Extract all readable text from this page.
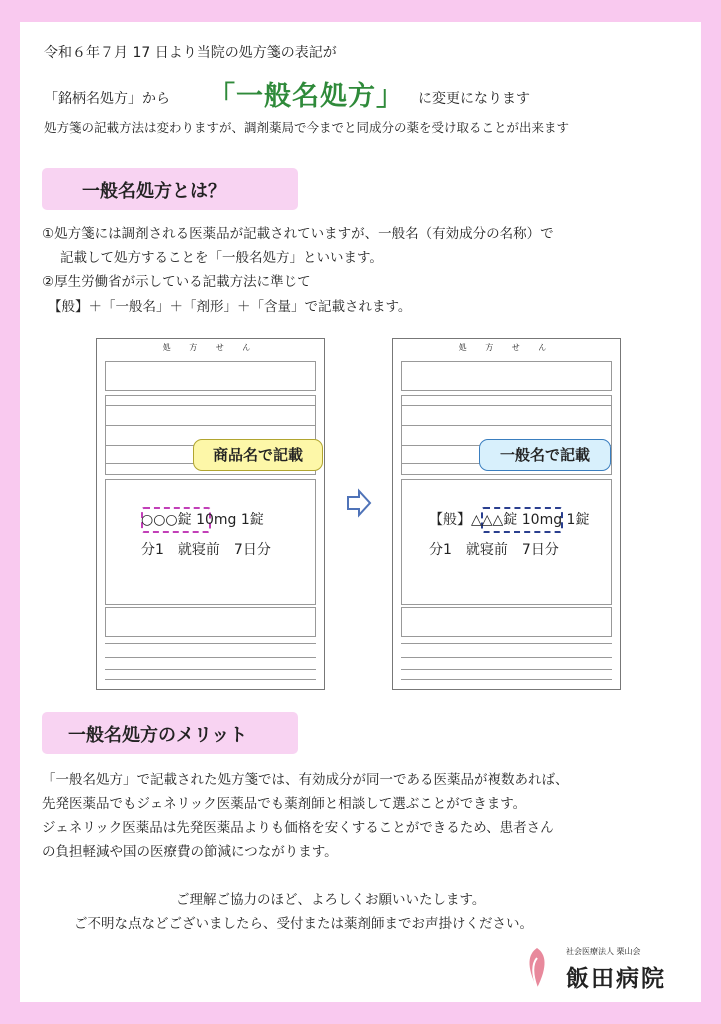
令和６年７月 17 日より当院の処方箋の表記が
「銘柄名処方」から 「一般名処方」 に変更になります
処方箋の記載方法は変わりますが、調剤薬局で今までと同成分の薬を受け取ることが出来ます
一般名処方とは？
①処方箋には調剤される医薬品が記載されていますが、一般名（有効成分の名称）で
記載して処方することを「一般名処方」といいます。
②厚生労働省が示している記載方法に準じて
【般】＋「一般名」＋「剤形」＋「含量」で記載されます。
処 方 せ ん
○○○錠 10mg 1錠
分1　就寝前　7日分
商品名で記載
処 方 せ ん
【般】△△△錠 10mg 1錠
分1　就寝前　7日分
一般名で記載
一般名処方のメリット
「一般名処方」で記載された処方箋では、有効成分が同一である医薬品が複数あれば、
先発医薬品でもジェネリック医薬品でも薬剤師と相談して選ぶことができます。
ジェネリック医薬品は先発医薬品よりも価格を安くすることができるため、患者さん
の負担軽減や国の医療費の節減につながります。
ご理解ご協力のほど、よろしくお願いいたします。
ご不明な点などございましたら、受付または薬剤師までお声掛けください。
社会医療法人 栗山会
飯田病院
